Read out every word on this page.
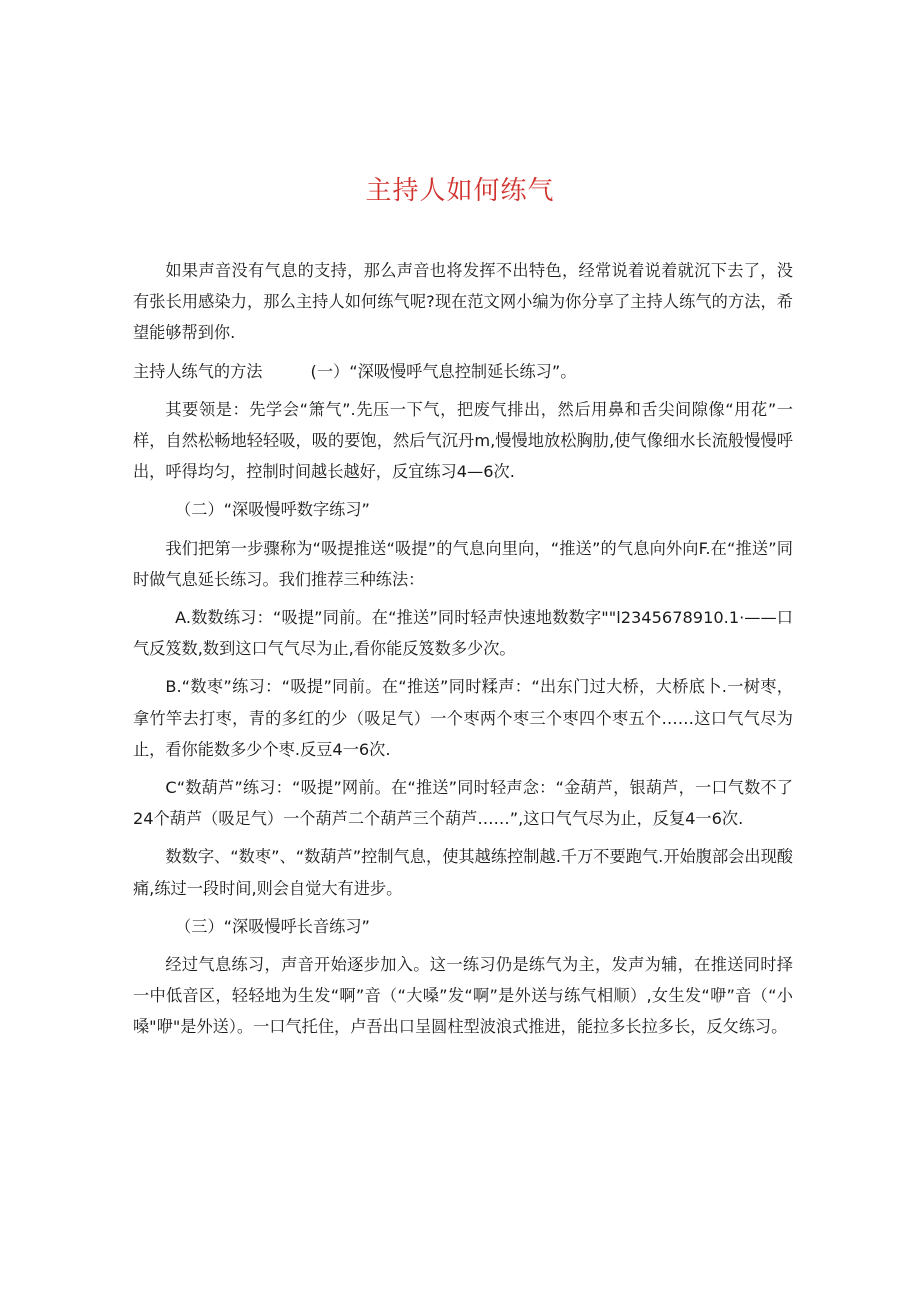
主持人如何练气

如果声音没有气息的支持，那么声音也将发挥不出特色，经常说着说着就沉下去了，没有张长用感染力，那么主持人如何练气呢?现在范文网小编为你分享了主持人练气的方法，希望能够帮到你.

主持人练气的方法	(一）“深吸慢呼气息控制延长练习”。

其要领是：先学会“箫气”.先压一下气，把废气排出，然后用鼻和舌尖间隙像“用花”一样，自然松畅地轻轻吸，吸的要饱，然后气沉丹m,慢慢地放松胸肋,使气像细水长流般慢慢呼出，呼得均匀，控制时间越长越好，反宜练习4—6次.

（二）“深吸慢呼数字练习”

我们把第一步骤称为“吸提推送“吸提”的气息向里向，“推送”的气息向外向F.在“推送”同时做气息延长练习。我们推荐三种练法：

A.数数练习：“吸提”同前。在“推送”同时轻声快速地数数字""l2345678910.1·——口气反笈数,数到这口气气尽为止,看你能反笈数多少次。

B.“数枣”练习：“吸提”同前。在“推送”同时糅声：“出东门过大桥，大桥底卜.一树枣，拿竹竿去打枣，青的多红的少（吸足气）一个枣两个枣三个枣四个枣五个……这口气气尽为止，看你能数多少个枣.反豆4一6次.

C“数葫芦”练习：“吸提”网前。在“推送”同时轻声念：“金葫芦，银葫芦，一口气数不了24个葫芦（吸足气）一个葫芦二个葫芦三个葫芦……”,这口气气尽为止，反复4一6次.

数数字、“数枣”、“数葫芦”控制气息，使其越练控制越.千万不要跑气.开始腹部会出现酸痛,练过一段时间,则会自觉大有进步。

（三）“深吸慢呼长音练习”

经过气息练习，声音开始逐步加入。这一练习仍是练气为主，发声为辅，在推送同时择一中低音区，轻轻地为生发“啊”音（“大嗓”发“啊”是外送与练气相顺）,女生发“咿”音（“小嗓"咿"是外送）。一口气托住，卢吾出口呈圆柱型波浪式推进，能拉多长拉多长，反攵练习。
